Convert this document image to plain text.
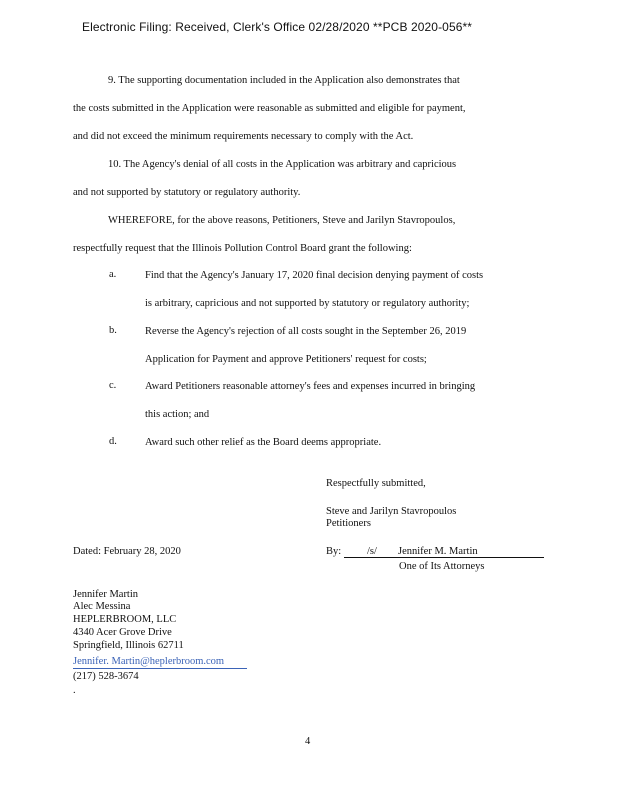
Electronic Filing: Received, Clerk's Office 02/28/2020 **PCB 2020-056**
9. The supporting documentation included in the Application also demonstrates that
the costs submitted in the Application were reasonable as submitted and eligible for payment,
and did not exceed the minimum requirements necessary to comply with the Act.
10. The Agency's denial of all costs in the Application was arbitrary and capricious
and not supported by statutory or regulatory authority.
WHEREFORE, for the above reasons, Petitioners, Steve and Jarilyn Stavropoulos,
respectfully request that the Illinois Pollution Control Board grant the following:
a.	Find that the Agency's January 17, 2020 final decision denying payment of costs
is arbitrary, capricious and not supported by statutory or regulatory authority;
b.	Reverse the Agency's rejection of all costs sought in the September 26, 2019
Application for Payment and approve Petitioners' request for costs;
c.	Award Petitioners reasonable attorney's fees and expenses incurred in bringing
this action; and
d.	Award such other relief as the Board deems appropriate.
Respectfully submitted,
Steve and Jarilyn Stavropoulos
Petitioners
Dated: February 28, 2020	By: /s/ Jennifer M. Martin
One of Its Attorneys
Jennifer Martin
Alec Messina
HEPLERBROOM, LLC
4340 Acer Grove Drive
Springfield, Illinois 62711
Jennifer. Martin@heplerbroom.com
(217) 528-3674
.
4
